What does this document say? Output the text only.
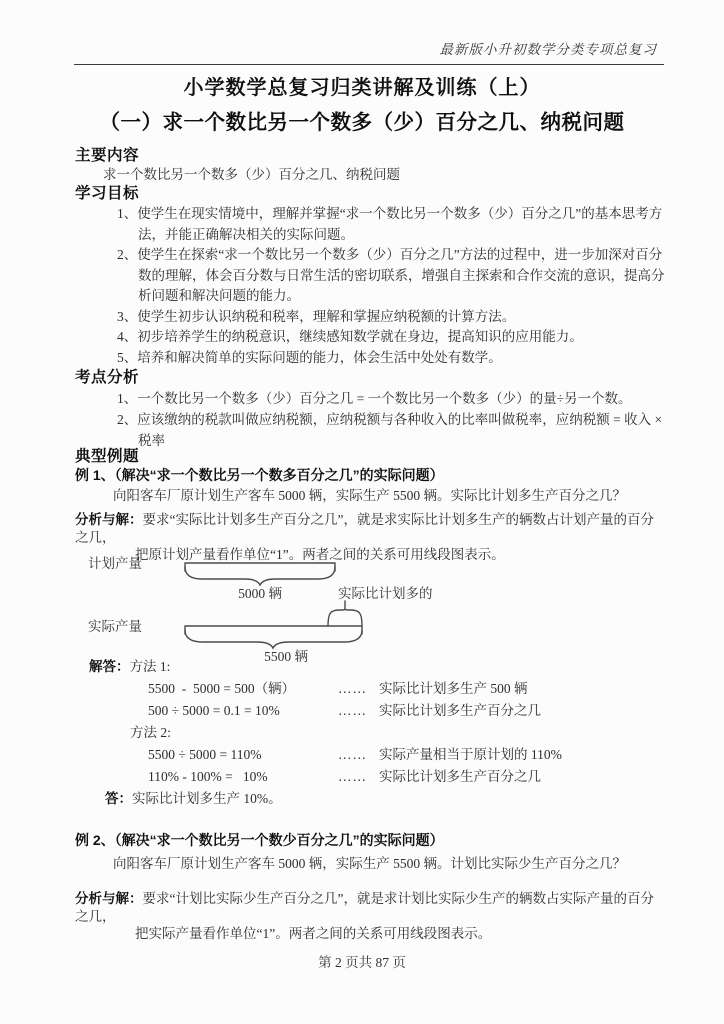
最新版小升初数学分类专项总复习
小学数学总复习归类讲解及训练（上）
（一）求一个数比另一个数多（少）百分之几、纳税问题
主要内容
求一个数比另一个数多（少）百分之几、纳税问题
学习目标
1、使学生在现实情境中，理解并掌握“求一个数比另一个数多（少）百分之几”的基本思考方法，并能正确解决相关的实际问题。
2、使学生在探索“求一个数比另一个数多（少）百分之几”方法的过程中，进一步加深对百分数的理解，体会百分数与日常生活的密切联系，增强自主探索和合作交流的意识，提高分析问题和解决问题的能力。
3、使学生初步认识纳税和税率，理解和掌握应纳税额的计算方法。
4、初步培养学生的纳税意识，继续感知数学就在身边，提高知识的应用能力。
5、培养和解决简单的实际问题的能力，体会生活中处处有数学。
考点分析
1、一个数比另一个数多（少）百分之几 = 一个数比另一个数多（少）的量÷另一个数。
2、应该缴纳的税款叫做应纳税额，应纳税额与各种收入的比率叫做税率，应纳税额 = 收入 × 税率
典型例题
例 1、（解决“求一个数比另一个数多百分之几”的实际问题）
向阳客车厂原计划生产客车 5000 辆，实际生产 5500 辆。实际比计划多生产百分之几？
分析与解：要求“实际比计划多生产百分之几”，就是求实际比计划多生产的辆数占计划产量的百分之几，
把原计划产量看作单位“1”。两者之间的关系可用线段图表示。
计划产量
5000 辆	实际比计划多的
实际产量
5500 辆
解答：方法 1:
5500  -  5000 = 500（辆）	…… 实际比计划多生产 500 辆
500 ÷ 5000 = 0.1 = 10%	…… 实际比计划多生产百分之几
方法 2:
5500 ÷ 5000 = 110%	…… 实际产量相当于原计划的 110%
110% - 100% =   10%	…… 实际比计划多生产百分之几
答：实际比计划多生产 10%。
例 2、（解决“求一个数比另一个数少百分之几”的实际问题）
向阳客车厂原计划生产客车 5000 辆，实际生产 5500 辆。计划比实际少生产百分之几？
分析与解：要求“计划比实际少生产百分之几”，就是求计划比实际少生产的辆数占实际产量的百分之几，
把实际产量看作单位“1”。两者之间的关系可用线段图表示。
第 2 页共 87 页
